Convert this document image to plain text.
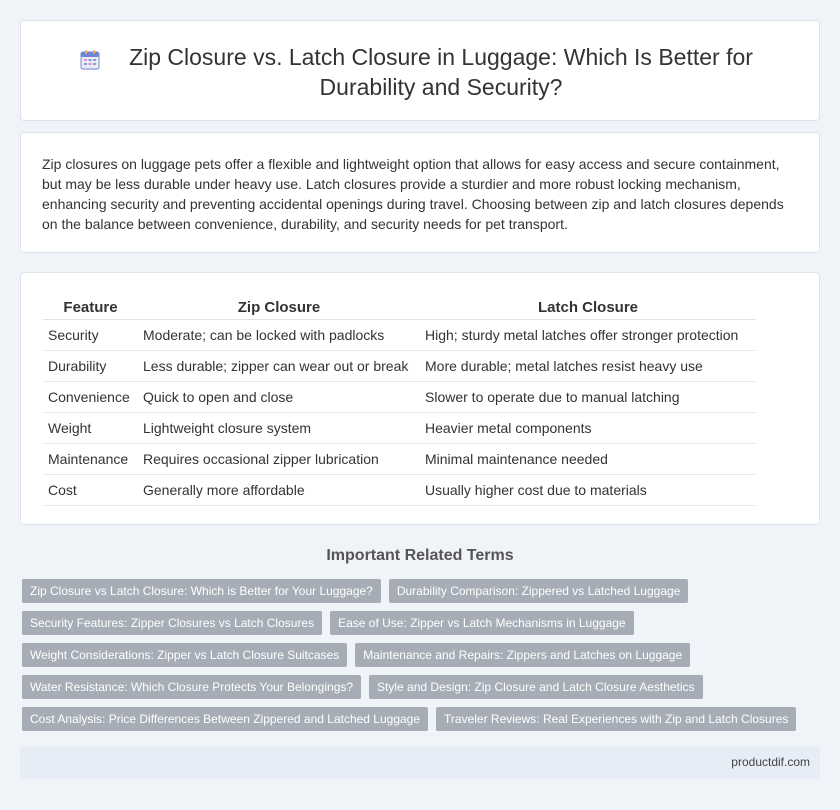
Zip Closure vs. Latch Closure in Luggage: Which Is Better for Durability and Security?

Zip closures on luggage pets offer a flexible and lightweight option that allows for easy access and secure containment, but may be less durable under heavy use. Latch closures provide a sturdier and more robust locking mechanism, enhancing security and preventing accidental openings during travel. Choosing between zip and latch closures depends on the balance between convenience, durability, and security needs for pet transport.

Feature	Zip Closure	Latch Closure
Security	Moderate; can be locked with padlocks	High; sturdy metal latches offer stronger protection
Durability	Less durable; zipper can wear out or break	More durable; metal latches resist heavy use
Convenience	Quick to open and close	Slower to operate due to manual latching
Weight	Lightweight closure system	Heavier metal components
Maintenance	Requires occasional zipper lubrication	Minimal maintenance needed
Cost	Generally more affordable	Usually higher cost due to materials
Important Related Terms
Zip Closure vs Latch Closure: Which is Better for Your Luggage?	Durability Comparison: Zippered vs Latched Luggage
Security Features: Zipper Closures vs Latch Closures	Ease of Use: Zipper vs Latch Mechanisms in Luggage
Weight Considerations: Zipper vs Latch Closure Suitcases	Maintenance and Repairs: Zippers and Latches on Luggage
Water Resistance: Which Closure Protects Your Belongings?	Style and Design: Zip Closure and Latch Closure Aesthetics
Cost Analysis: Price Differences Between Zippered and Latched Luggage	Traveler Reviews: Real Experiences with Zip and Latch Closures
productdif.com
